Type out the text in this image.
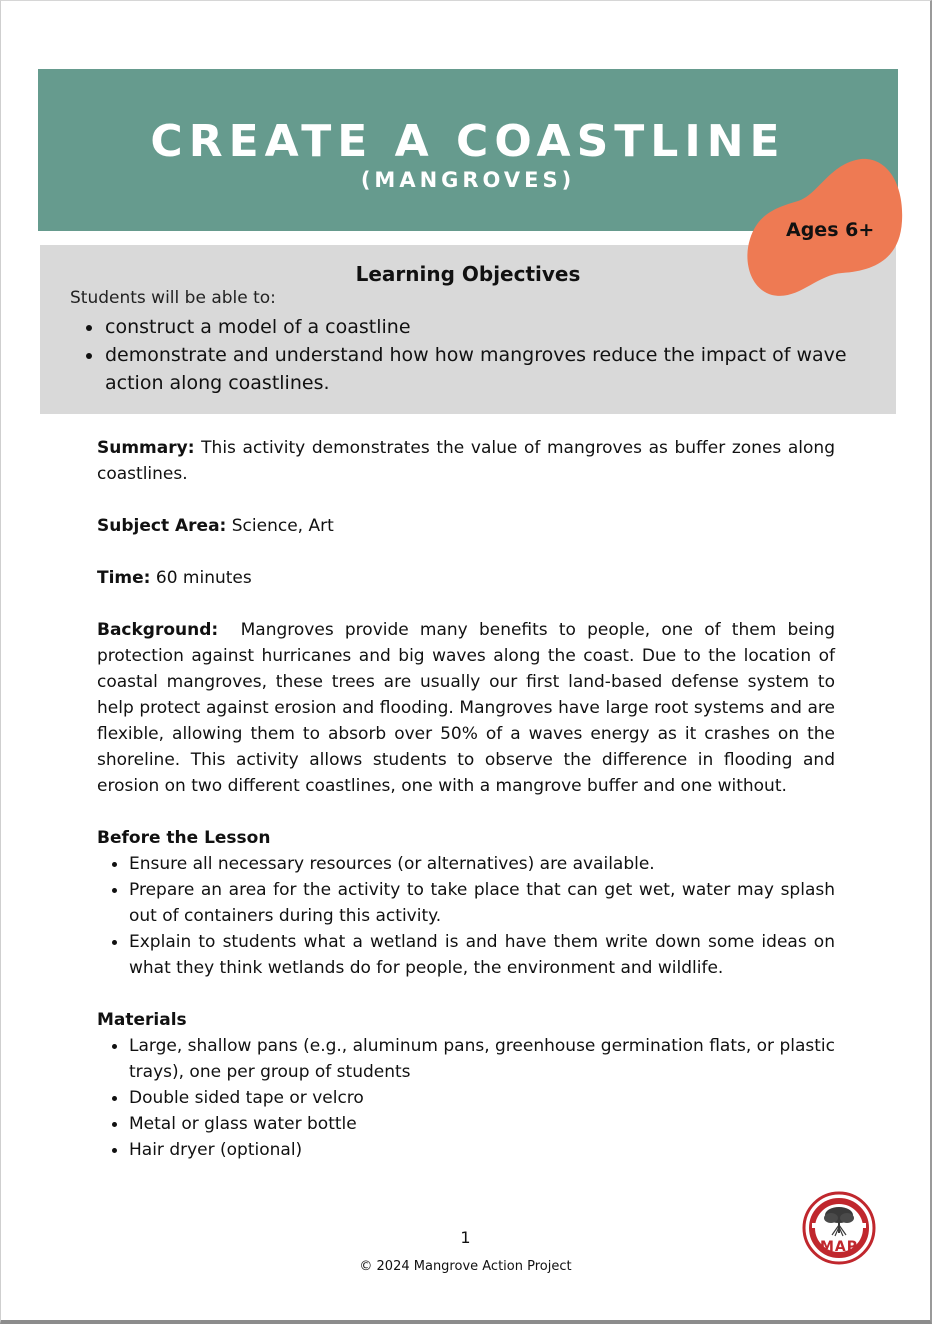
CREATE A COASTLINE
(MANGROVES)
Learning Objectives
Students will be able to:
construct a model of a coastline
demonstrate and understand how how mangroves reduce the impact of wave action along coastlines.
Ages 6+

Summary: This activity demonstrates the value of mangroves as buffer zones along coastlines.

Subject Area: Science, Art

Time: 60 minutes

Background: Mangroves provide many benefits to people, one of them being protection against hurricanes and big waves along the coast. Due to the location of coastal mangroves, these trees are usually our first land-based defense system to help protect against erosion and flooding. Mangroves have large root systems and are flexible, allowing them to absorb over 50% of a waves energy as it crashes on the shoreline. This activity allows students to observe the difference in flooding and erosion on two different coastlines, one with a mangrove buffer and one without.

Before the Lesson
Ensure all necessary resources (or alternatives) are available.
Prepare an area for the activity to take place that can get wet, water may splash out of containers during this activity.
Explain to students what a wetland is and have them write down some ideas on what they think wetlands do for people, the environment and wildlife.
Materials
Large, shallow pans (e.g., aluminum pans, greenhouse germination flats, or plastic trays), one per group of students
Double sided tape or velcro
Metal or glass water bottle
Hair dryer (optional)
1
© 2024 Mangrove Action Project
MAP
